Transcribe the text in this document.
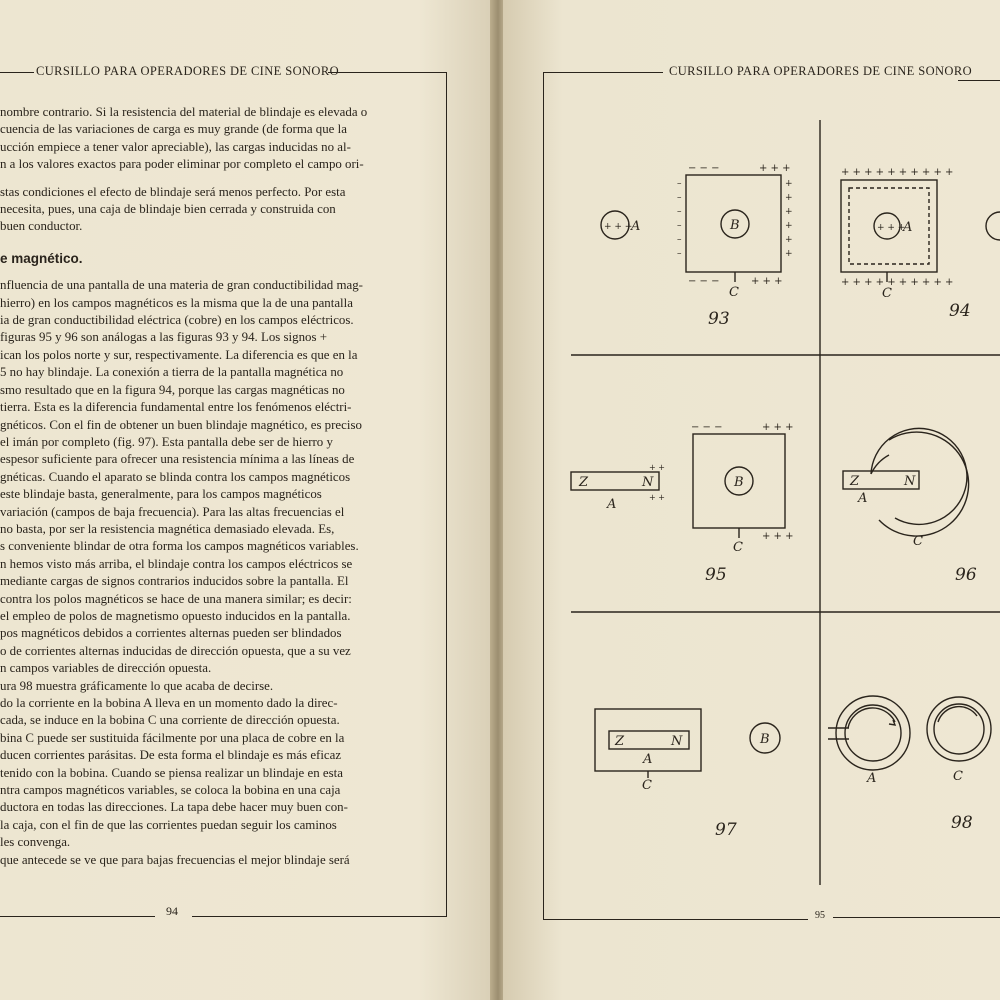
CURSILLO PARA OPERADORES DE CINE SONORO
94

nombre contrario. Si la resistencia del material de blindaje es elevada o
cuencia de las variaciones de carga es muy grande (de forma que la
ucción empiece a tener valor apreciable), las cargas inducidas no al-
n a los valores exactos para poder eliminar por completo el campo ori-

stas condiciones el efecto de blindaje será menos perfecto. Por esta
necesita, pues, una caja de blindaje bien cerrada y construida con
buen conductor.

e magnético.

nfluencia de una pantalla de una materia de gran conductibilidad mag-
hierro) en los campos magnéticos es la misma que la de una pantalla
ia de gran conductibilidad eléctrica (cobre) en los campos eléctricos.
figuras 95 y 96 son análogas a las figuras 93 y 94. Los signos +
ican los polos norte y sur, respectivamente. La diferencia es que en la
5 no hay blindaje. La conexión a tierra de la pantalla magnética no
smo resultado que en la figura 94, porque las cargas magnéticas no
tierra. Esta es la diferencia fundamental entre los fenómenos eléctri-
gnéticos. Con el fin de obtener un buen blindaje magnético, es preciso
el imán por completo (fig. 97). Esta pantalla debe ser de hierro y
espesor suficiente para ofrecer una resistencia mínima a las líneas de
gnéticas. Cuando el aparato se blinda contra los campos magnéticos
este blindaje basta, generalmente, para los campos magnéticos
variación (campos de baja frecuencia). Para las altas frecuencias el
no basta, por ser la resistencia magnética demasiado elevada. Es,
s conveniente blindar de otra forma los campos magnéticos variables.
n hemos visto más arriba, el blindaje contra los campos eléctricos se
mediante cargas de signos contrarios inducidos sobre la pantalla. El
contra los polos magnéticos se hace de una manera similar; es decir:
el empleo de polos de magnetismo opuesto inducidos en la pantalla.
pos magnéticos debidos a corrientes alternas pueden ser blindados
o de corrientes alternas inducidas de dirección opuesta, que a su vez
n campos variables de dirección opuesta.

ura 98 muestra gráficamente lo que acaba de decirse.

do la corriente en la bobina A lleva en un momento dado la direc-
cada, se induce en la bobina C una corriente de dirección opuesta.
bina C puede ser sustituida fácilmente por una placa de cobre en la
ducen corrientes parásitas. De esta forma el blindaje es más eficaz
tenido con la bobina. Cuando se piensa realizar un blindaje en esta
ntra campos magnéticos variables, se coloca la bobina en una caja
ductora en todas las direcciones. La tapa debe hacer muy buen con-
la caja, con el fin de que las corrientes puedan seguir los caminos
les convenga.

que antecede se ve que para bajas frecuencias el mejor blindaje será

CURSILLO PARA OPERADORES DE CINE SONORO
95
+ + +
A	B
− − −	+ + +
− − −	+ + +
–
–
–
–
–
–
+
+
+
+
+
+
C
93
+ + +
A
+ + + + + + + + + +
+ + + + + + + + + +
C
94
Z	N
A
+ +
+ +
B
− − −	+ + +
+ + +
C
95
Z	N
A
C
96
Z	N
A
B
C
97
A	C
98
